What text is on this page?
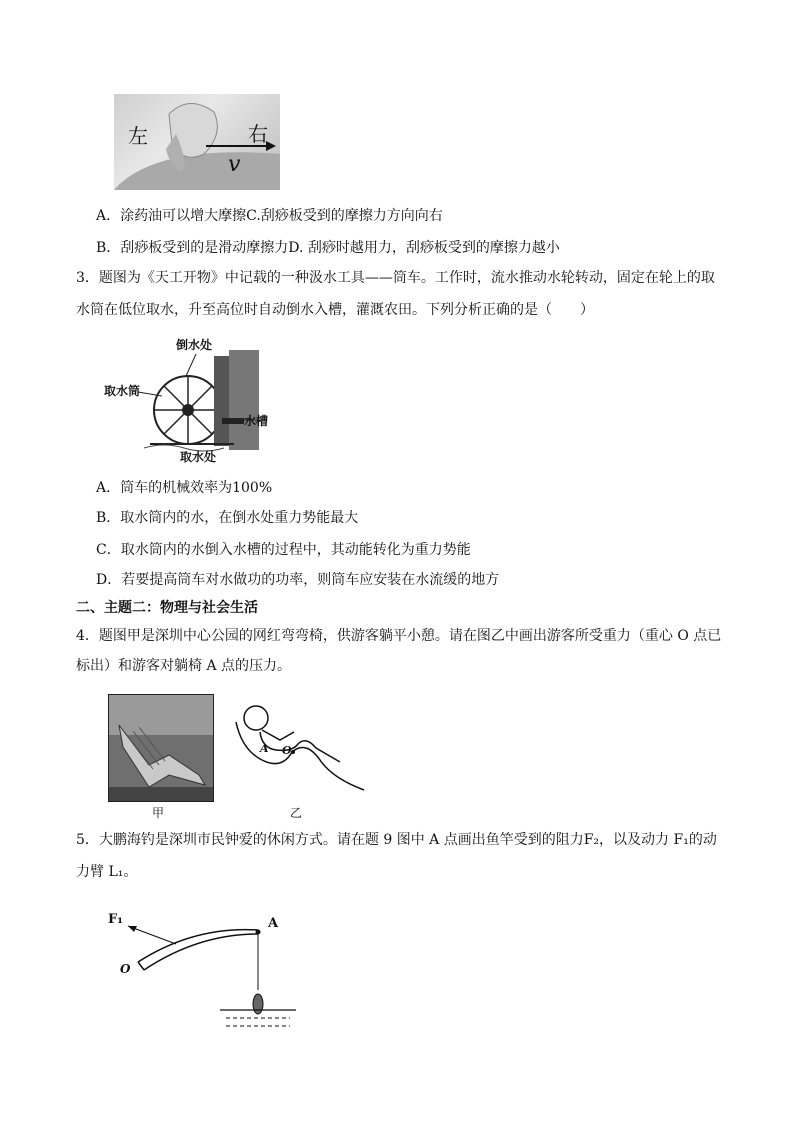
左	右
v
A．涂药油可以增大摩擦C.刮痧板受到的摩擦力方向向右
B．刮痧板受到的是滑动摩擦力D. 刮痧时越用力，刮痧板受到的摩擦力越小
3．题图为《天工开物》中记载的一种汲水工具——筒车。工作时，流水推动水轮转动，固定在轮上的取
水筒在低位取水，升至高位时自动倒水入槽，灌溉农田。下列分析正确的是（　　）
倒水处
取水筒
水槽
取水处
A．筒车的机械效率为100%
B．取水筒内的水，在倒水处重力势能最大
C．取水筒内的水倒入水槽的过程中，其动能转化为重力势能
D．若要提高筒车对水做功的功率，则筒车应安装在水流缓的地方
二、主题二：物理与社会生活
4．题图甲是深圳中心公园的网红弯弯椅，供游客躺平小憩。请在图乙中画出游客所受重力（重心 O 点已
标出）和游客对躺椅 A 点的压力。
甲
A O
乙
5．大鹏海钓是深圳市民钟爱的休闲方式。请在题 9 图中 A 点画出鱼竿受到的阻力F₂，以及动力 F₁的动
力臂 L₁。
F₁	A
O
